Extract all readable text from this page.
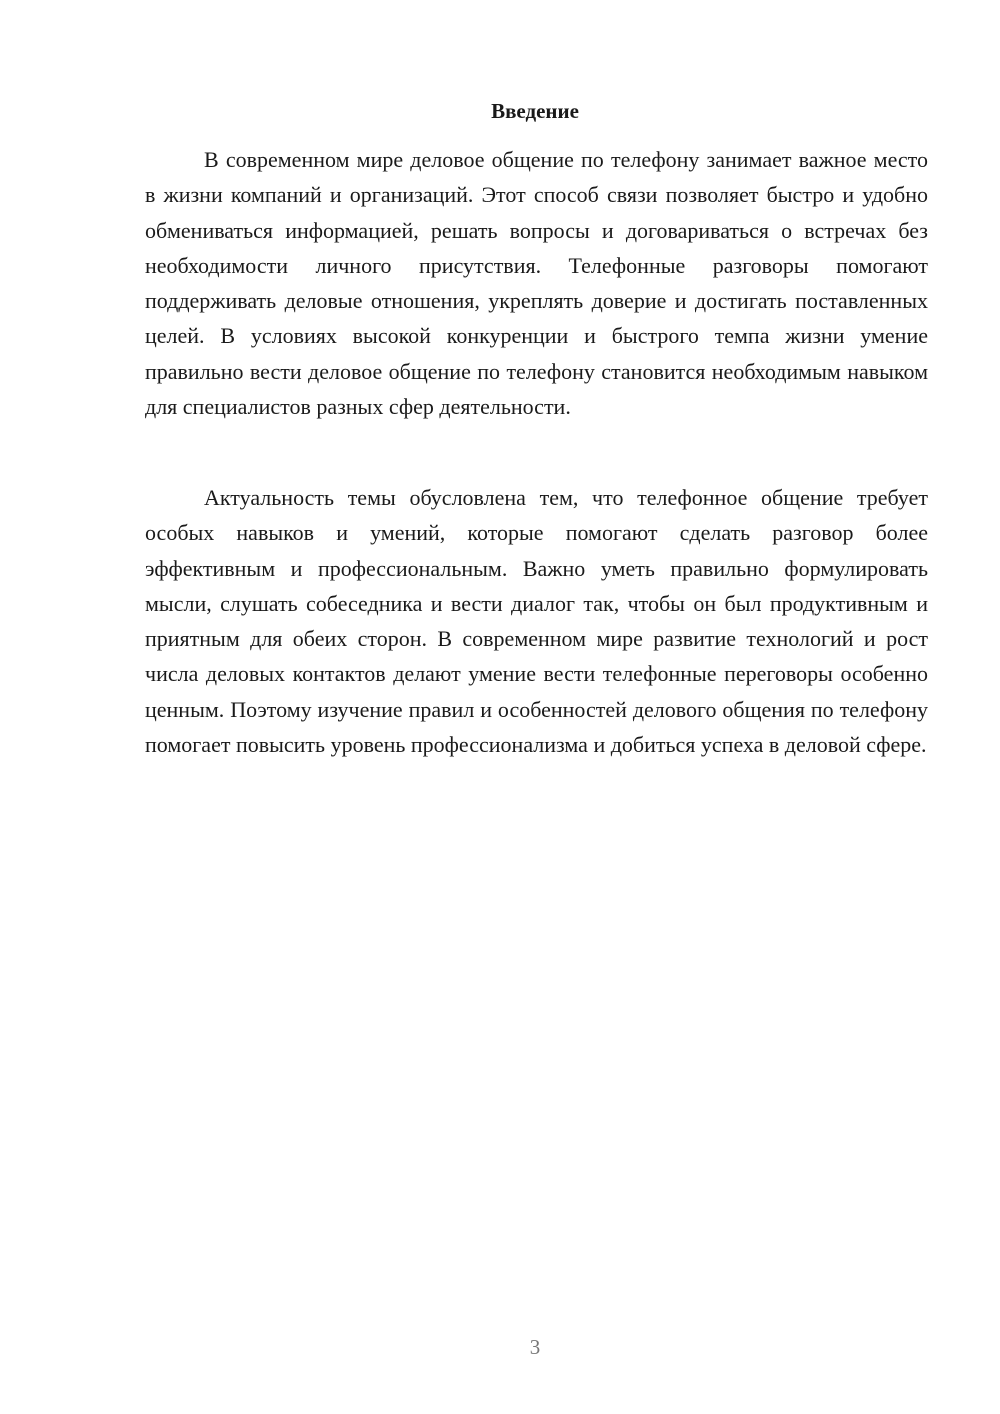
Введение

В современном мире деловое общение по телефону занимает важное место в жизни компаний и организаций. Этот способ связи позволяет быстро и удобно обмениваться информацией, решать вопросы и договариваться о встречах без необходимости личного присутствия. Телефонные разговоры помогают поддерживать деловые отношения, укреплять доверие и достигать поставленных целей. В условиях высокой конкуренции и быстрого темпа жизни умение правильно вести деловое общение по телефону становится необходимым навыком для специалистов разных сфер деятельности.

Актуальность темы обусловлена тем, что телефонное общение требует особых навыков и умений, которые помогают сделать разговор более эффективным и профессиональным. Важно уметь правильно формулировать мысли, слушать собеседника и вести диалог так, чтобы он был продуктивным и приятным для обеих сторон. В современном мире развитие технологий и рост числа деловых контактов делают умение вести телефонные переговоры особенно ценным. Поэтому изучение правил и особенностей делового общения по телефону помогает повысить уровень профессионализма и добиться успеха в деловой сфере.

3
